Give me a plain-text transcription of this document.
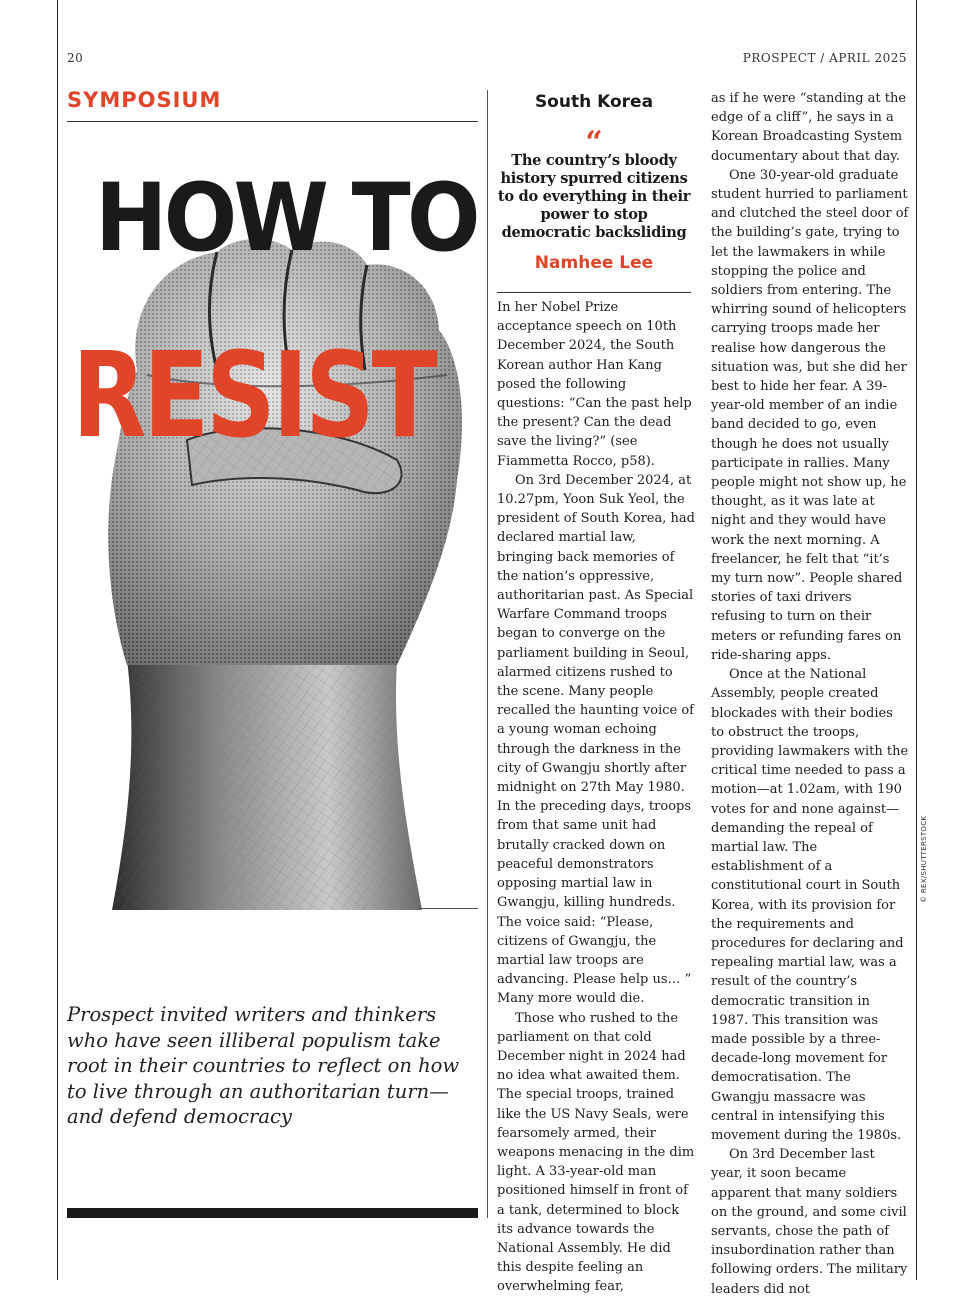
20	PROSPECT / APRIL 2025
SYMPOSIUM
HOW TO
RESIST
Prospect invited writers and thinkers who have seen illiberal populism take root in their countries to reflect on how to live through an authoritarian turn—and defend democracy
South Korea
“
The country’s bloody history spurred citizens to do everything in their power to stop democratic backsliding
Namhee Lee

In her Nobel Prize acceptance speech on 10th December 2024, the South Korean author Han Kang posed the following questions: “Can the past help the present? Can the dead save the living?” (see Fiammetta Rocco, p58).

On 3rd December 2024, at 10.27pm, Yoon Suk Yeol, the president of South Korea, had declared martial law, bringing back memories of the nation’s oppressive, authoritarian past. As Special Warfare Command troops began to converge on the parliament building in Seoul, alarmed citizens rushed to the scene. Many people recalled the haunting voice of a young woman echoing through the darkness in the city of Gwangju shortly after midnight on 27th May 1980. In the preceding days, troops from that same unit had brutally cracked down on peaceful demonstrators opposing martial law in Gwangju, killing hundreds. The voice said: “Please, citizens of Gwangju, the martial law troops are advancing. Please help us… ” Many more would die.

Those who rushed to the parliament on that cold December night in 2024 had no idea what awaited them. The special troops, trained like the US Navy Seals, were fearsomely armed, their weapons menacing in the dim light. A 33-year-old man positioned himself in front of a tank, determined to block its advance towards the National Assembly. He did this despite feeling an overwhelming fear,

as if he were “standing at the edge of a cliff”, he says in a Korean Broadcasting System documentary about that day.

One 30-year-old graduate student hurried to parliament and clutched the steel door of the building’s gate, trying to let the lawmakers in while stopping the police and soldiers from entering. The whirring sound of helicopters carrying troops made her realise how dangerous the situation was, but she did her best to hide her fear. A 39-year-old member of an indie band decided to go, even though he does not usually participate in rallies. Many people might not show up, he thought, as it was late at night and they would have work the next morning. A freelancer, he felt that “it’s my turn now”. People shared stories of taxi drivers refusing to turn on their meters or refunding fares on ride-sharing apps.

Once at the National Assembly, people created blockades with their bodies to obstruct the troops, providing lawmakers with the critical time needed to pass a motion—at 1.02am, with 190 votes for and none against—demanding the repeal of martial law. The establishment of a constitutional court in South Korea, with its provision for the requirements and procedures for declaring and repealing martial law, was a result of the country’s democratic transition in 1987. This transition was made possible by a three-decade-long movement for democratisation. The Gwangju massacre was central in intensifying this movement during the 1980s.

On 3rd December last year, it soon became apparent that many soldiers on the ground, and some civil servants, chose the path of insubordination rather than following orders. The military leaders did not

© REX/SHUTTERSTOCK
